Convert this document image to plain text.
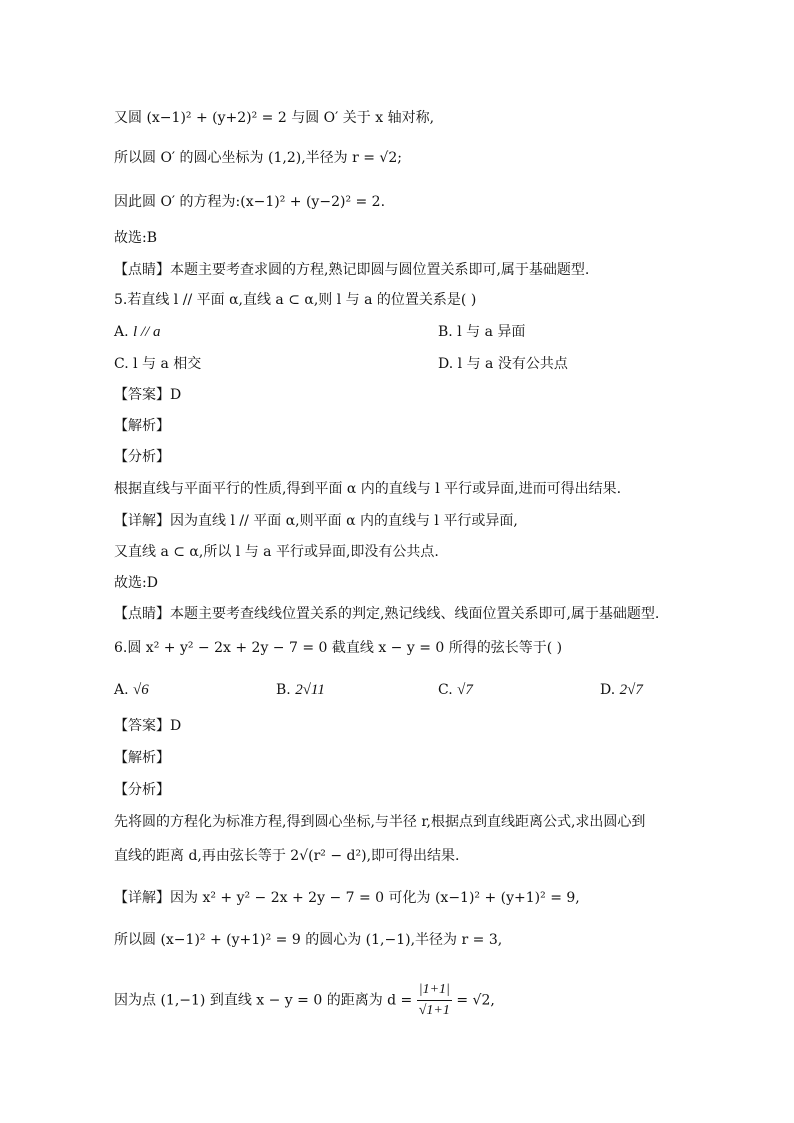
又圆 (x−1)² + (y+2)² = 2 与圆 O′ 关于 x 轴对称,
所以圆 O′ 的圆心坐标为 (1,2),半径为 r = √2;
因此圆 O′ 的方程为:(x−1)² + (y−2)² = 2.
故选:B
【点睛】本题主要考查求圆的方程,熟记即圆与圆位置关系即可,属于基础题型.
5.若直线 l // 平面 α,直线 a ⊂ α,则 l 与 a 的位置关系是( )
A. l // a	B. l 与 a 异面
C. l 与 a 相交	D. l 与 a 没有公共点
【答案】D
【解析】
【分析】
根据直线与平面平行的性质,得到平面 α 内的直线与 l 平行或异面,进而可得出结果.
【详解】因为直线 l // 平面 α,则平面 α 内的直线与 l 平行或异面,
又直线 a ⊂ α,所以 l 与 a 平行或异面,即没有公共点.
故选:D
【点睛】本题主要考查线线位置关系的判定,熟记线线、线面位置关系即可,属于基础题型.
6.圆 x² + y² − 2x + 2y − 7 = 0 截直线 x − y = 0 所得的弦长等于( )
A. √6	B. 2√11	C. √7	D. 2√7
【答案】D
【解析】
【分析】
先将圆的方程化为标准方程,得到圆心坐标,与半径 r,根据点到直线距离公式,求出圆心到
直线的距离 d,再由弦长等于 2√(r² − d²),即可得出结果.
【详解】因为 x² + y² − 2x + 2y − 7 = 0 可化为 (x−1)² + (y+1)² = 9,
所以圆 (x−1)² + (y+1)² = 9 的圆心为 (1,−1),半径为 r = 3,
因为点 (1,−1) 到直线 x − y = 0 的距离为 $d = \frac{|1+1|}{√1+1} = √2$,
